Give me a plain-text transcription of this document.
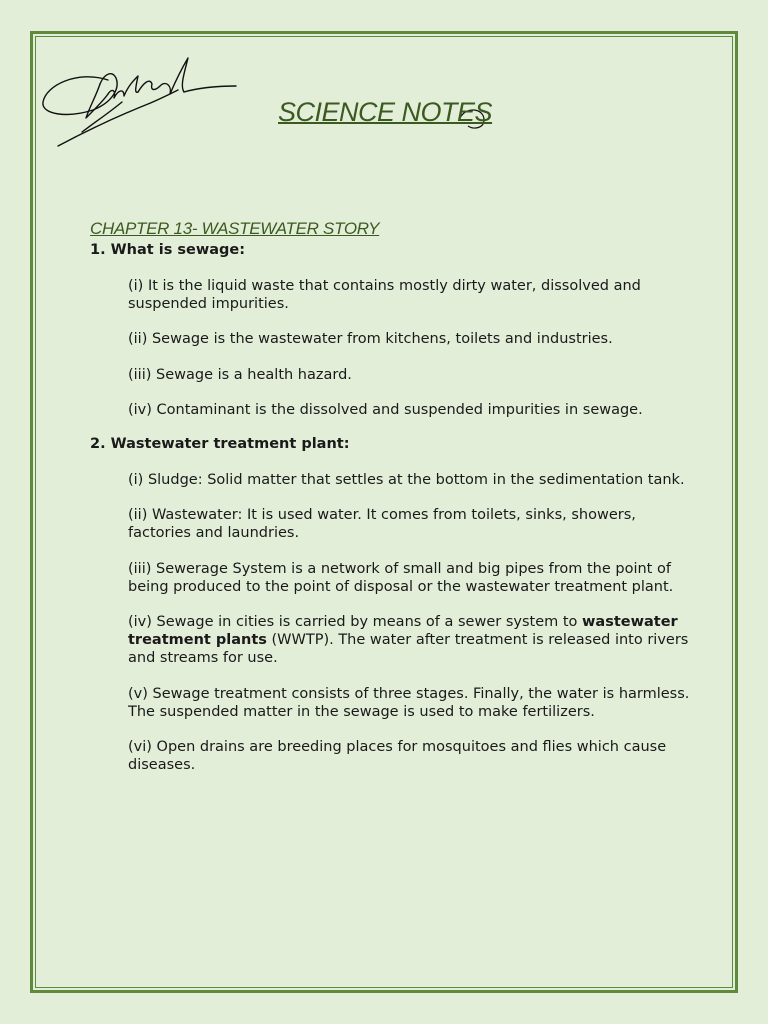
SCIENCE NOTES

CHAPTER 13- WASTEWATER STORY

1. What is sewage:

(i) It is the liquid waste that contains mostly dirty water, dissolved and suspended impurities.

(ii) Sewage is the wastewater from kitchens, toilets and industries.

(iii) Sewage is a health hazard.

(iv) Contaminant is the dissolved and suspended impurities in sewage.

2. Wastewater treatment plant:

(i) Sludge: Solid matter that settles at the bottom in the sedimentation tank.

(ii) Wastewater: It is used water. It comes from toilets, sinks, showers, factories and laundries.

(iii) Sewerage System is a network of small and big pipes from the point of being produced to the point of disposal or the wastewater treatment plant.

(iv) Sewage in cities is carried by means of a sewer system to wastewater treatment plants (WWTP). The water after treatment is released into rivers and streams for use.

(v) Sewage treatment consists of three stages. Finally, the water is harmless. The suspended matter in the sewage is used to make fertilizers.

(vi) Open drains are breeding places for mosquitoes and flies which cause diseases.
